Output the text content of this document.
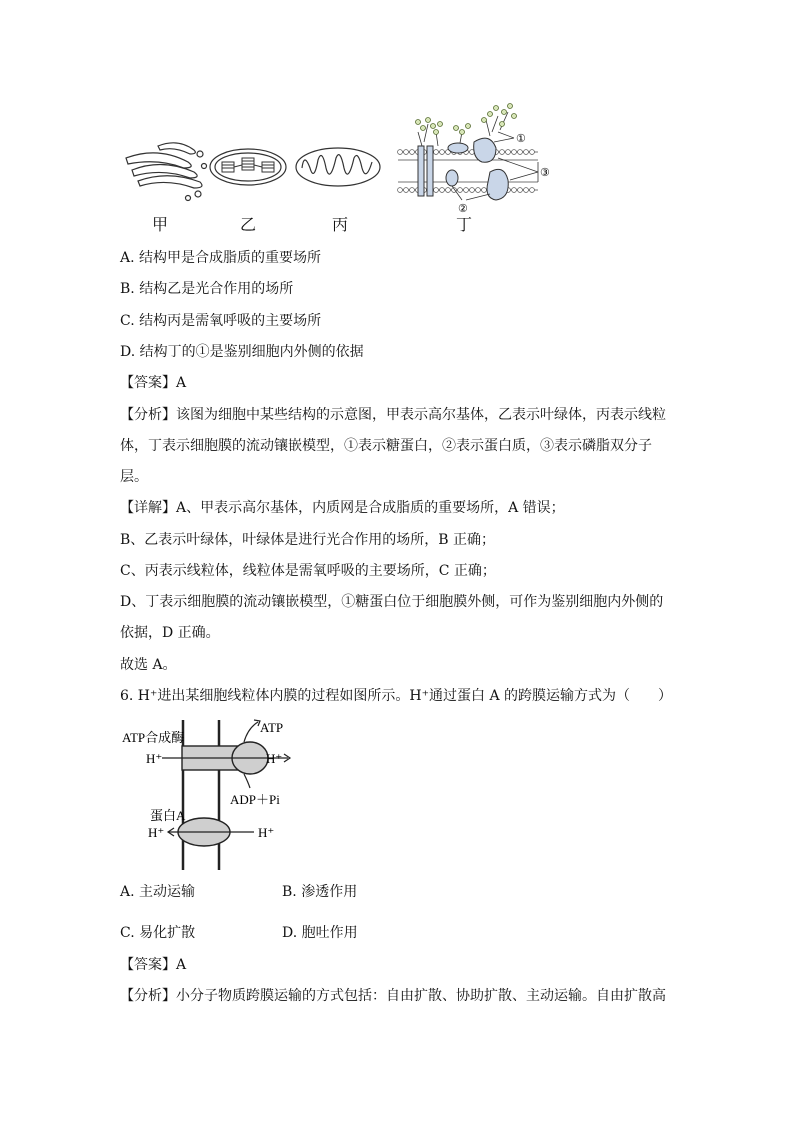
①
③
②
甲	乙	丙	丁
A. 结构甲是合成脂质的重要场所
B. 结构乙是光合作用的场所
C. 结构丙是需氧呼吸的主要场所
D. 结构丁的①是鉴别细胞内外侧的依据
【答案】A
【分析】该图为细胞中某些结构的示意图，甲表示高尔基体，乙表示叶绿体，丙表示线粒
体，丁表示细胞膜的流动镶嵌模型，①表示糖蛋白，②表示蛋白质，③表示磷脂双分子
层。
【详解】A、甲表示高尔基体，内质网是合成脂质的重要场所，A 错误；
B、乙表示叶绿体，叶绿体是进行光合作用的场所，B 正确；
C、丙表示线粒体，线粒体是需氧呼吸的主要场所，C 正确；
D、丁表示细胞膜的流动镶嵌模型，①糖蛋白位于细胞膜外侧，可作为鉴别细胞内外侧的
依据，D 正确。
故选 A。
6. H⁺进出某细胞线粒体内膜的过程如图所示。H⁺通过蛋白 A 的跨膜运输方式为（　　）
ATP合成酶
ATP
H⁺	H⁺
ADP＋Pi
蛋白A
H⁺	H⁺
A. 主动运输	B. 渗透作用
C. 易化扩散	D. 胞吐作用
【答案】A
【分析】小分子物质跨膜运输的方式包括：自由扩散、协助扩散、主动运输。自由扩散高
